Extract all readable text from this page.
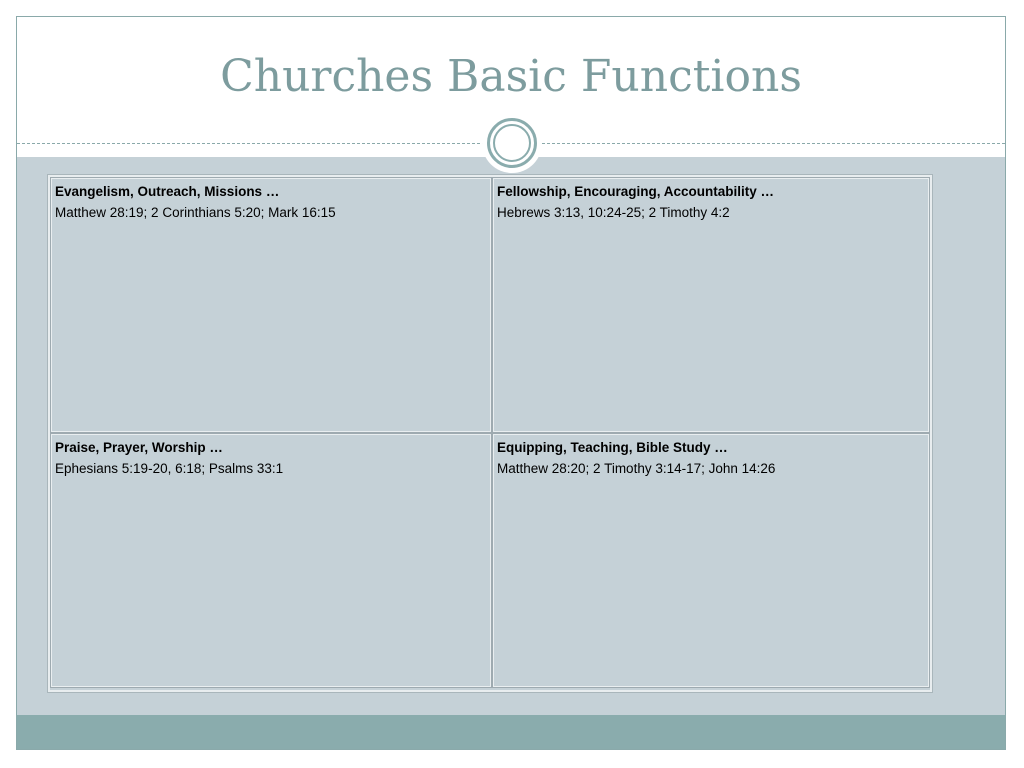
Churches Basic Functions
Evangelism, Outreach, Missions …
Matthew 28:19; 2 Corinthians 5:20; Mark 16:15
Fellowship, Encouraging, Accountability …
Hebrews 3:13, 10:24-25; 2 Timothy 4:2
Praise, Prayer, Worship …
Ephesians 5:19-20, 6:18; Psalms 33:1
Equipping, Teaching, Bible Study …
Matthew 28:20; 2 Timothy 3:14-17; John 14:26
